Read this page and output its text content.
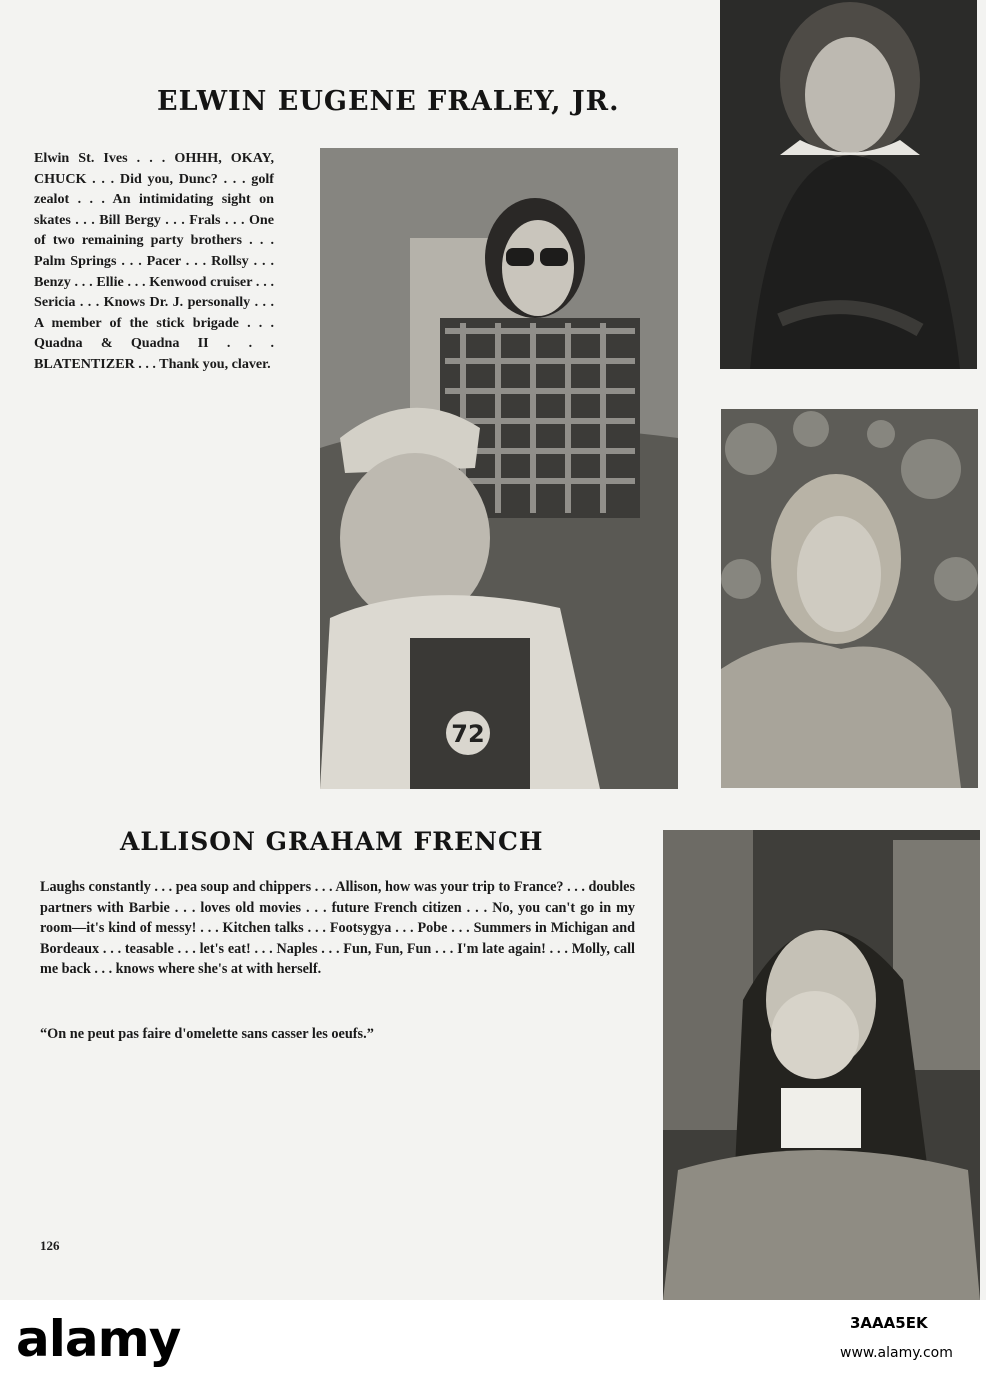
ELWIN EUGENE FRALEY, JR.

Elwin St. Ives . . . OHHH, OKAY, CHUCK . . . Did you, Dunc? . . . golf zealot . . . An intimidating sight on skates . . . Bill Bergy . . . Frals . . . One of two remaining party brothers . . . Palm Springs . . . Pacer . . . Rollsy . . . Benzy . . . Ellie . . . Kenwood cruiser . . . Sericia . . . Knows Dr. J. personally . . . A member of the stick brigade . . . Quadna & Quadna II . . . BLATENTIZER . . . Thank you, claver.

72
ALLISON GRAHAM FRENCH

Laughs constantly . . . pea soup and chippers . . . Allison, how was your trip to France? . . . doubles partners with Barbie . . . loves old movies . . . future French citizen . . . No, you can't go in my room—it's kind of messy! . . . Kitchen talks . . . Footsygya . . . Pobe . . . Summers in Michigan and Bordeaux . . . teasable . . . let's eat! . . . Naples . . . Fun, Fun, Fun . . . I'm late again! . . . Molly, call me back . . . knows where she's at with herself.

“On ne peut pas faire d'omelette sans casser les oeufs.”

126

alamy	3AAA5EK

www.alamy.com
